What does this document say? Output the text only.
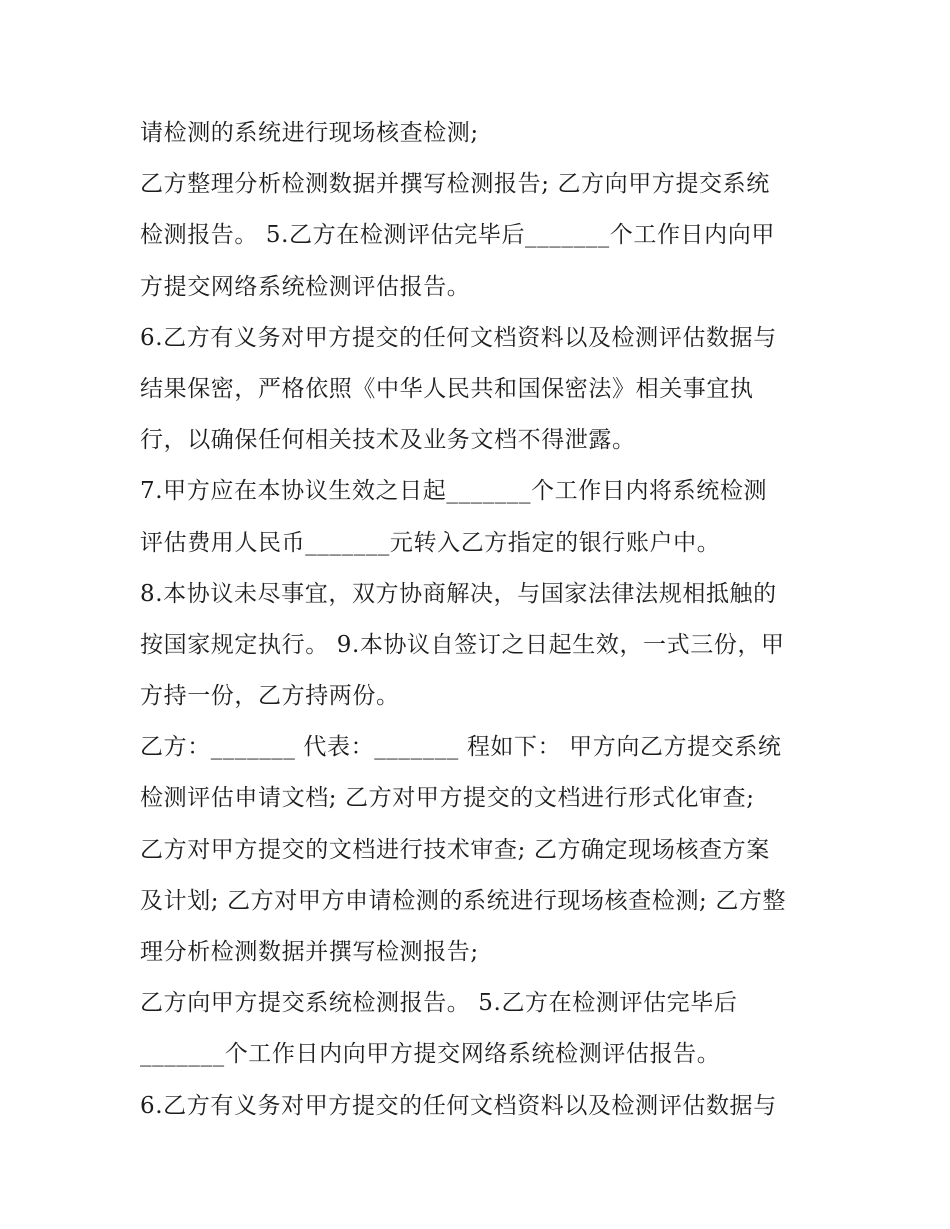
请检测的系统进行现场核查检测;
乙方整理分析检测数据并撰写检测报告; 乙方向甲方提交系统
检测报告。 5.乙方在检测评估完毕后_______个工作日内向甲
方提交网络系统检测评估报告。
6.乙方有义务对甲方提交的任何文档资料以及检测评估数据与
结果保密，严格依照《中华人民共和国保密法》相关事宜执
行，以确保任何相关技术及业务文档不得泄露。
7.甲方应在本协议生效之日起_______个工作日内将系统检测
评估费用人民币_______元转入乙方指定的银行账户中。
8.本协议未尽事宜，双方协商解决，与国家法律法规相抵触的
按国家规定执行。 9.本协议自签订之日起生效，一式三份，甲
方持一份，乙方持两份。
乙方：_______ 代表：_______ 程如下： 甲方向乙方提交系统
检测评估申请文档; 乙方对甲方提交的文档进行形式化审查;
乙方对甲方提交的文档进行技术审查; 乙方确定现场核查方案
及计划; 乙方对甲方申请检测的系统进行现场核查检测; 乙方整
理分析检测数据并撰写检测报告;
乙方向甲方提交系统检测报告。 5.乙方在检测评估完毕后
_______个工作日内向甲方提交网络系统检测评估报告。
6.乙方有义务对甲方提交的任何文档资料以及检测评估数据与
